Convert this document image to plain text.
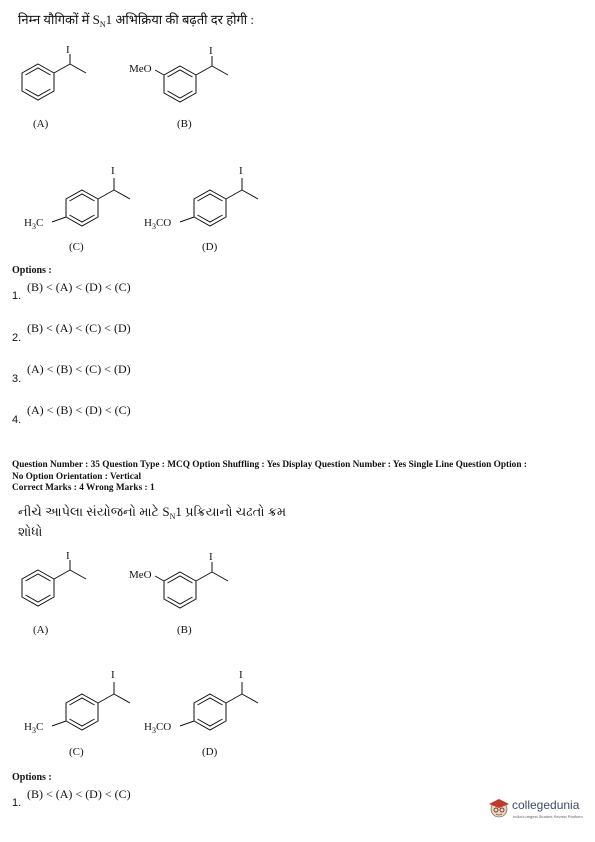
निम्न यौगिकों में $S_N1$ अभिक्रिया की बढ़ती दर होगी :
I
(A)
MeO
I
(B)
$H_3C$
I
(C)
$H_3CO$
I
(D)
Options :
1.
(B) < (A) < (D) < (C)
2.
(B) < (A) < (C) < (D)
3.
(A) < (B) < (C) < (D)
4.
(A) < (B) < (D) < (C)
Question Number : 35 Question Type : MCQ Option Shuffling : Yes Display Question Number : Yes Single Line Question Option :
No Option Orientation : Vertical
Correct Marks : 4 Wrong Marks : 1
નીચે આપેલા સંયોજનો માટે $S_N1$ પ્રક્રિયાનો ચઢતો ક્રમ
શોધો
I
(A)
MeO
I
(B)
$H_3C$
I
(C)
$H_3CO$
I
(D)
Options :
1.
(B) < (A) < (D) < (C)
collegedunia
India's largest Student Review Platform
